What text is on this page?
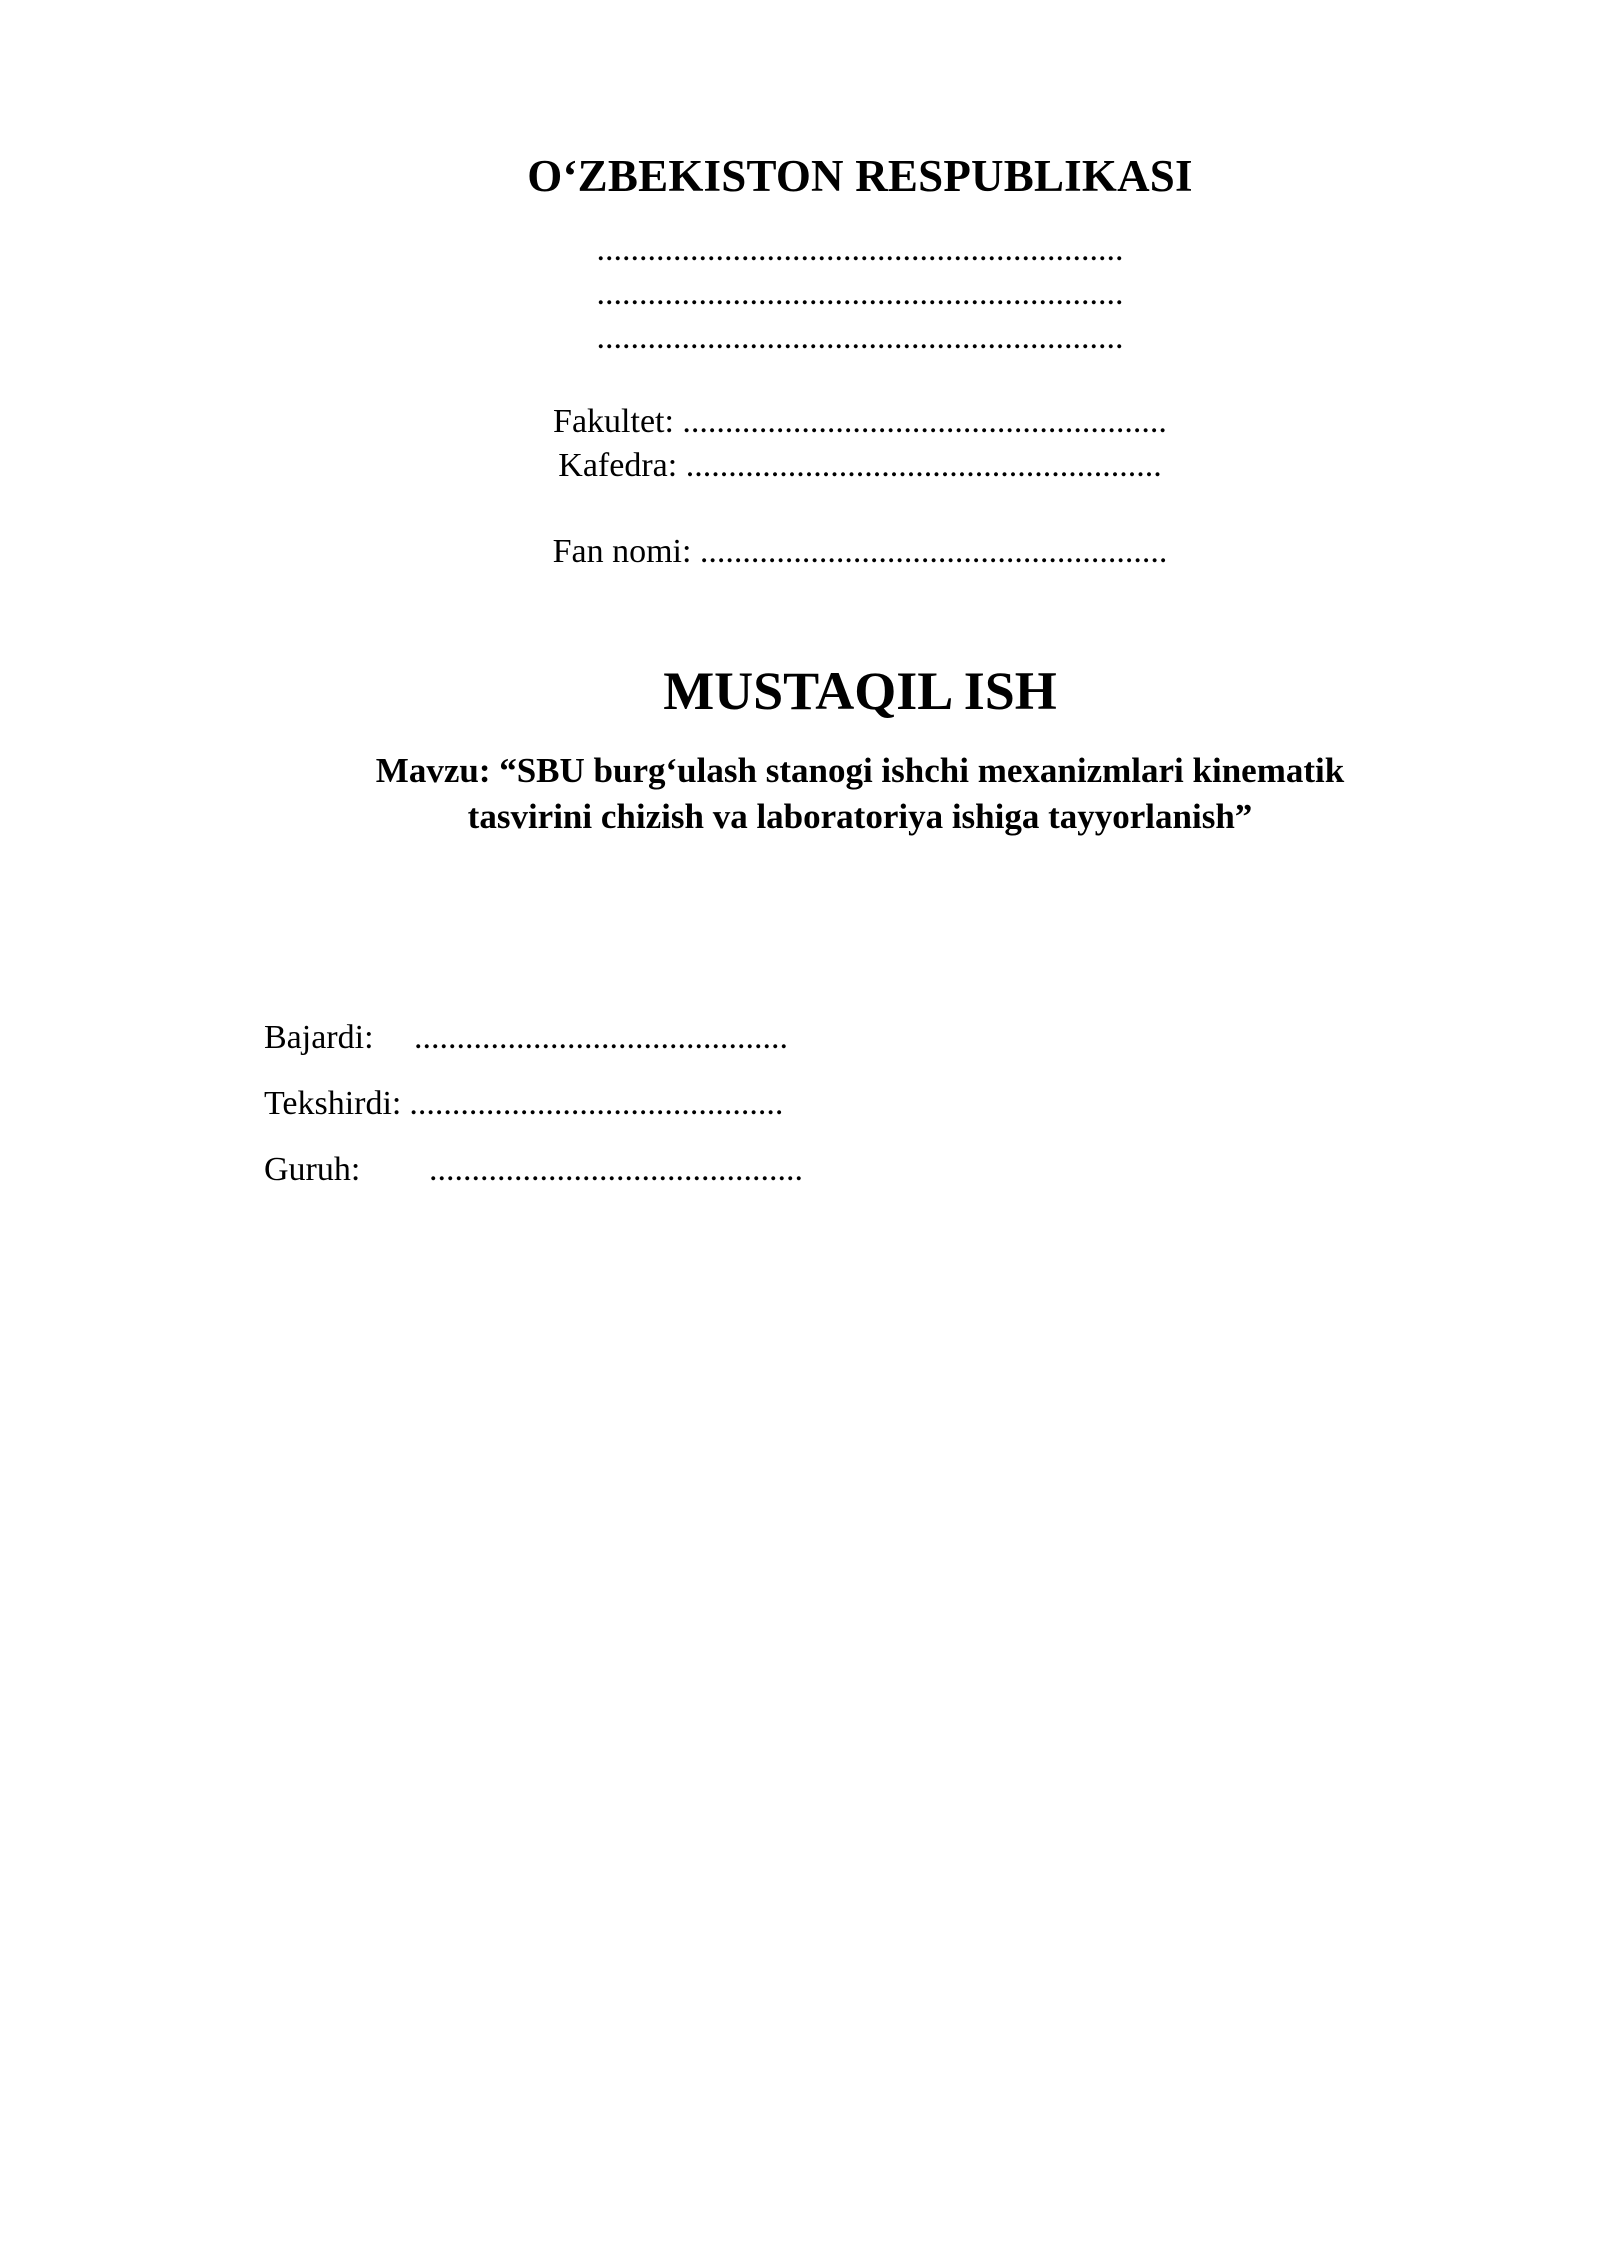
O‘ZBEKISTON RESPUBLIKASI
..............................................................
..............................................................
..............................................................
Fakultet: .........................................................
Kafedra: ........................................................
Fan nomi: .......................................................
MUSTAQIL ISH
Mavzu: “SBU burg‘ulash stanogi ishchi mexanizmlari kinematik
tasvirini chizish va laboratoriya ishiga tayyorlanish”

Bajardi: ............................................

Tekshirdi: ............................................

Guruh: ............................................
